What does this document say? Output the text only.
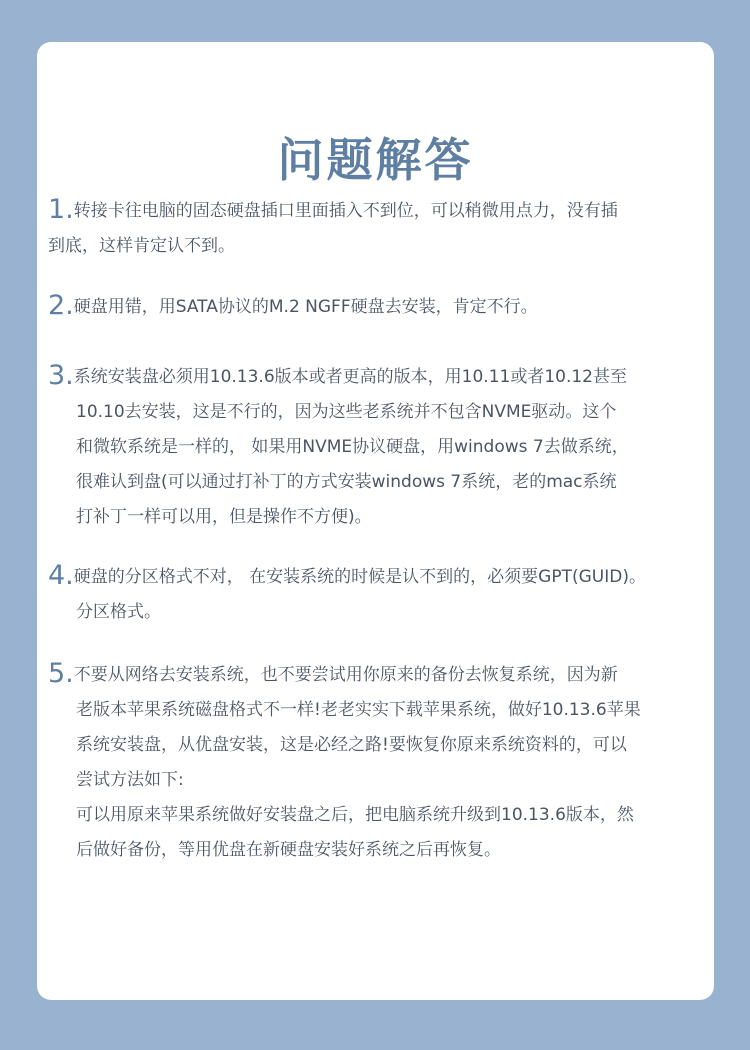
问题解答
1.转接卡往电脑的固态硬盘插口里面插入不到位，可以稍微用点力，没有插
到底，这样肯定认不到。
2.硬盘用错，用SATA协议的M.2 NGFF硬盘去安装，肯定不行。
3.系统安装盘必须用10.13.6版本或者更高的版本，用10.11或者10.12甚至
10.10去安装，这是不行的，因为这些老系统并不包含NVME驱动。这个
和微软系统是一样的， 如果用NVME协议硬盘，用windows 7去做系统，
很难认到盘(可以通过打补丁的方式安装windows 7系统，老的mac系统
打补丁一样可以用，但是操作不方便)。
4.硬盘的分区格式不对， 在安装系统的时候是认不到的，必须要GPT(GUID)。
分区格式。
5.不要从网络去安装系统，也不要尝试用你原来的备份去恢复系统，因为新
老版本苹果系统磁盘格式不一样!老老实实下载苹果系统，做好10.13.6苹果
系统安装盘，从优盘安装，这是必经之路!要恢复你原来系统资料的，可以
尝试方法如下:
可以用原来苹果系统做好安装盘之后，把电脑系统升级到10.13.6版本，然
后做好备份，等用优盘在新硬盘安装好系统之后再恢复。
